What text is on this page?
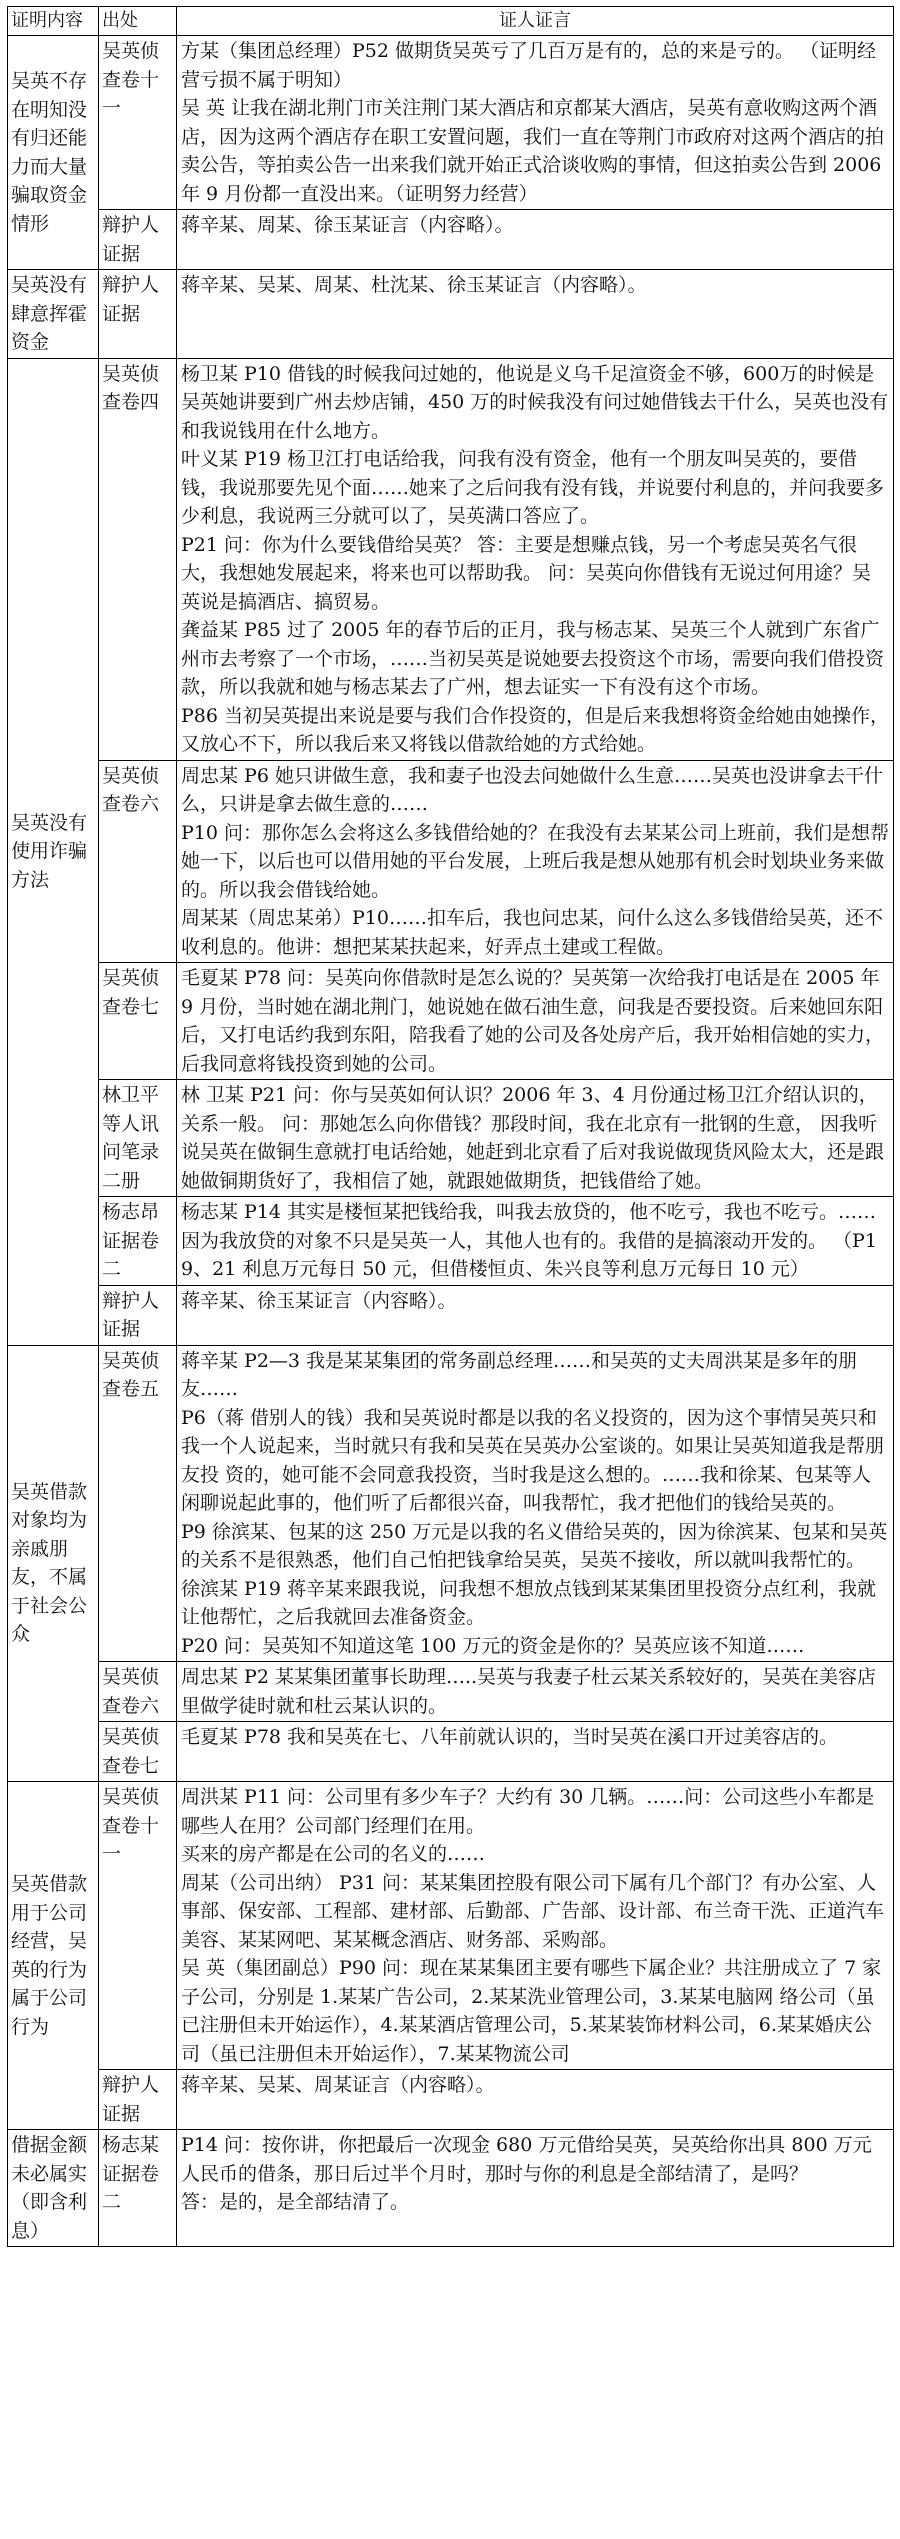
证明内容	出处	证人证言
吴英不存在明知没有归还能力而大量骗取资金情形	吴英侦查卷十一	方某（集团总经理）P52 做期货吴英亏了几百万是有的，总的来是亏的。 （证明经营亏损不属于明知）

吴 英 让我在湖北荆门市关注荆门某大酒店和京都某大酒店，吴英有意收购这两个酒店，因为这两个酒店存在职工安置问题，我们一直在等荆门市政府对这两个酒店的拍 卖公告，等拍卖公告一出来我们就开始正式洽谈收购的事情，但这拍卖公告到 2006 年 9 月份都一直没出来。（证明努力经营）

	辩护人证据	蒋辛某、周某、徐玉某证言（内容略）。

吴英没有肆意挥霍资金	辩护人证据	蒋辛某、吴某、周某、杜沈某、徐玉某证言（内容略）。

吴英没有使用诈骗方法	吴英侦查卷四	杨卫某 P10 借钱的时候我问过她的，他说是义乌千足渲资金不够，600万的时候是吴英她讲要到广州去炒店铺，450 万的时候我没有问过她借钱去干什么，吴英也没有和我说钱用在什么地方。

叶义某 P19 杨卫江打电话给我，问我有没有资金，他有一个朋友叫吴英的，要借钱，我说那要先见个面……她来了之后问我有没有钱，并说要付利息的，并问我要多少利息，我说两三分就可以了，吴英满口答应了。

P21 问：你为什么要钱借给吴英？ 答：主要是想赚点钱，另一个考虑吴英名气很大，我想她发展起来，将来也可以帮助我。 问：吴英向你借钱有无说过何用途？吴英说是搞酒店、搞贸易。

龚益某 P85 过了 2005 年的春节后的正月，我与杨志某、吴英三个人就到广东省广州市去考察了一个市场，……当初吴英是说她要去投资这个市场，需要向我们借投资款，所以我就和她与杨志某去了广州，想去证实一下有没有这个市场。

P86 当初吴英提出来说是要与我们合作投资的，但是后来我想将资金给她由她操作，又放心不下，所以我后来又将钱以借款给她的方式给她。

	吴英侦查卷六	周忠某 P6 她只讲做生意，我和妻子也没去问她做什么生意……吴英也没讲拿去干什么，只讲是拿去做生意的……

P10 问：那你怎么会将这么多钱借给她的？在我没有去某某公司上班前，我们是想帮她一下，以后也可以借用她的平台发展，上班后我是想从她那有机会时划块业务来做的。所以我会借钱给她。

周某某（周忠某弟）P10……扣车后，我也问忠某，问什么这么多钱借给吴英，还不收利息的。他讲：想把某某扶起来，好弄点土建或工程做。

	吴英侦查卷七	毛夏某 P78 问：吴英向你借款时是怎么说的？吴英第一次给我打电话是在 2005 年 9 月份，当时她在湖北荆门，她说她在做石油生意，问我是否要投资。后来她回东阳后，又打电话约我到东阳，陪我看了她的公司及各处房产后，我开始相信她的实力，后我同意将钱投资到她的公司。

	林卫平等人讯问笔录二册	林 卫某 P21 问：你与吴英如何认识？2006 年 3、4 月份通过杨卫江介绍认识的，关系一般。 问：那她怎么向你借钱？那段时间，我在北京有一批钢的生意， 因我听说吴英在做铜生意就打电话给她，她赶到北京看了后对我说做现货风险太大，还是跟她做铜期货好了，我相信了她，就跟她做期货，把钱借给了她。

	杨志昂证据卷二	杨志某 P14 其实是楼恒某把钱给我，叫我去放贷的，他不吃亏，我也不吃亏。……因为我放贷的对象不只是吴英一人，其他人也有的。我借的是搞滚动开发的。 （P19、21 利息万元每日 50 元，但借楼恒贞、朱兴良等利息万元每日 10 元）

	辩护人证据	蒋辛某、徐玉某证言（内容略）。

吴英借款对象均为亲戚朋友，不属于社会公众	吴英侦查卷五	蒋辛某 P2—3 我是某某集团的常务副总经理……和吴英的丈夫周洪某是多年的朋友……

P6（蒋 借别人的钱）我和吴英说时都是以我的名义投资的，因为这个事情吴英只和我一个人说起来，当时就只有我和吴英在吴英办公室谈的。如果让吴英知道我是帮朋友投 资的，她可能不会同意我投资，当时我是这么想的。……我和徐某、包某等人闲聊说起此事的，他们听了后都很兴奋，叫我帮忙，我才把他们的钱给吴英的。

P9 徐滨某、包某的这 250 万元是以我的名义借给吴英的，因为徐滨某、包某和吴英的关系不是很熟悉，他们自己怕把钱拿给吴英，吴英不接收，所以就叫我帮忙的。

徐滨某 P19 蒋辛某来跟我说，问我想不想放点钱到某某集团里投资分点红利，我就让他帮忙，之后我就回去准备资金。

P20 问：吴英知不知道这笔 100 万元的资金是你的？吴英应该不知道……

	吴英侦查卷六	周忠某 P2 某某集团董事长助理…..吴英与我妻子杜云某关系较好的，吴英在美容店里做学徒时就和杜云某认识的。

	吴英侦查卷七	毛夏某 P78 我和吴英在七、八年前就认识的，当时吴英在溪口开过美容店的。

吴英借款用于公司经营，吴英的行为属于公司行为	吴英侦查卷十一	周洪某 P11 问：公司里有多少车子？大约有 30 几辆。……问：公司这些小车都是哪些人在用？公司部门经理们在用。

买来的房产都是在公司的名义的……

周某（公司出纳） P31 问：某某集团控股有限公司下属有几个部门？有办公室、人事部、保安部、工程部、建材部、后勤部、广告部、设计部、布兰奇干洗、正道汽车美容、某某网吧、某某概念酒店、财务部、采购部。

吴 英（集团副总）P90 问：现在某某集团主要有哪些下属企业？共注册成立了 7 家子公司，分别是 1.某某广告公司，2.某某洗业管理公司，3.某某电脑网 络公司（虽已注册但未开始运作），4.某某酒店管理公司，5.某某装饰材料公司，6.某某婚庆公司（虽已注册但未开始运作），7.某某物流公司

	辩护人证据	蒋辛某、吴某、周某证言（内容略）。

借据金额未必属实（即含利息）	杨志某证据卷二	P14 问：按你讲，你把最后一次现金 680 万元借给吴英，吴英给你出具 800 万元人民币的借条，那日后过半个月时，那时与你的利息是全部结清了，是吗？

答：是的，是全部结清了。
